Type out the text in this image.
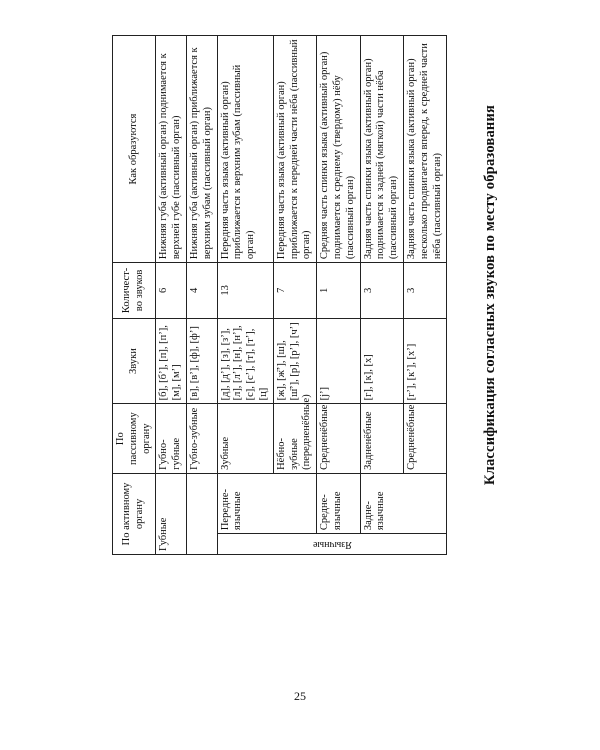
По активному органу		По пассивному органу	Звуки	Количест-во звуков	Как образуются
Губные		Губно-губные	[б], [б’], [п], [п’], [м], [м’]	6	Нижняя губа (активный орган) поднимается к верхней губе (пассивный орган)
		Губно-зубные	[в], [в’], [ф], [ф’]	4	Нижняя губа (активный орган) приближается к верхним зубам (пассивный орган)

Язычные	Передне-язычные	Зубные	[д], [д’], [з], [з’], [л], [л’], [н], [н’], [с], [с’], [т], [т’], [ц]	13	Передняя часть языка (активный орган) приближается к верхним зубам (пассивный орган)
		Нёбно-зубные (передненёбные)	[ж], [ж̄’], [ш], [ш̄’], [р], [р’], [ч’]	7	Передняя часть языка (активный орган) приближается к передней части нёба (пассивный орган)
	Средне-язычные	Средненёбные	[j’]	1	Средняя часть спинки языка (активный орган) поднимается к среднему (твердому) нёбу (пассивный орган)
	Задне-язычные	Заднeнёбные	[г], [к], [х]	3	Задняя часть спинки языка (активный орган) поднимается к задней (мягкой) части нёба (пассивный орган)
		Средненёбные	[г’], [к’], [х’]	3	Задняя часть спинки языка (активный орган) несколько продвигается вперед, к средней части нёба (пассивный орган)	Классификация согласных звуков по месту образования
25
